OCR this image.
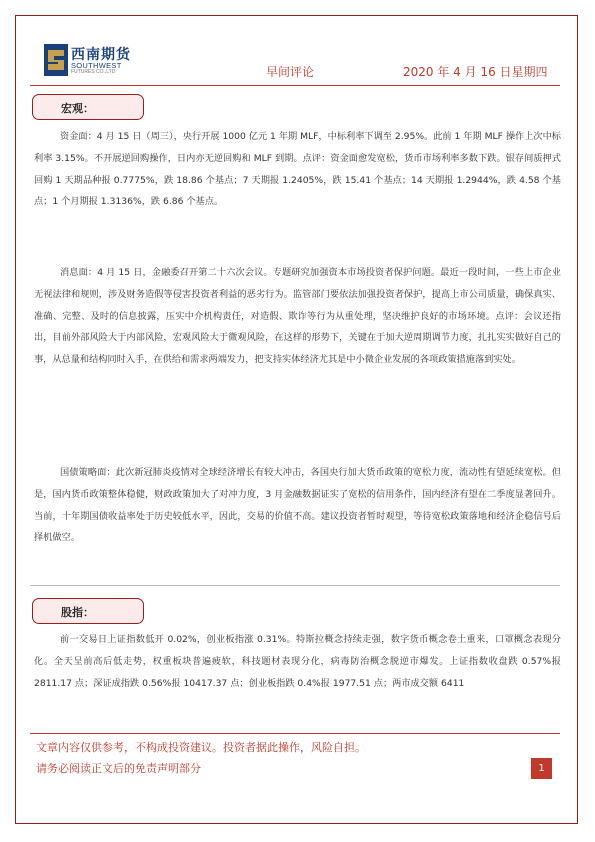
西南期货
SOUTHWEST
FUTURES CO.,LTD	早间评论	2020 年 4 月 16 日星期四
宏观：

资金面：4 月 15 日（周三），央行开展 1000 亿元 1 年期 MLF，中标利率下调至 2.95%。此前 1 年期 MLF 操作上次中标利率 3.15%。不开展逆回购操作，日内亦无逆回购和 MLF 到期。点评：资金面愈发宽松，货币市场利率多数下跌。银存间质押式回购 1 天期品种报 0.7775%，跌 18.86 个基点；7 天期报 1.2405%，跌 15.41 个基点；14 天期报 1.2944%，跌 4.58 个基点；1 个月期报 1.3136%，跌 6.86 个基点。

消息面：4 月 15 日，金融委召开第二十六次会议。专题研究加强资本市场投资者保护问题。最近一段时间，一些上市企业无视法律和规则，涉及财务造假等侵害投资者利益的恶劣行为。监管部门要依法加强投资者保护，提高上市公司质量，确保真实、准确、完整、及时的信息披露，压实中介机构责任，对造假、欺诈等行为从重处理，坚决维护良好的市场环境。点评：会议还指出，目前外部风险大于内部风险，宏观风险大于微观风险，在这样的形势下，关键在于加大逆周期调节力度，扎扎实实做好自己的事，从总量和结构同时入手，在供给和需求两端发力，把支持实体经济尤其是中小微企业发展的各项政策措施落到实处。

国债策略面：此次新冠肺炎疫情对全球经济增长有较大冲击，各国央行加大货币政策的宽松力度，流动性有望延续宽松。但是，国内货币政策整体稳健，财政政策加大了对冲力度，3 月金融数据证实了宽松的信用条件，国内经济有望在二季度显著回升。当前，十年期国债收益率处于历史较低水平，因此，交易的价值不高。建议投资者暂时观望，等待宽松政策落地和经济企稳信号后择机做空。

股指：

前一交易日上证指数低开 0.02%，创业板指涨 0.31%。特斯拉概念持续走强，数字货币概念卷土重来，口罩概念表现分化。全天呈前高后低走势，权重板块普遍疲软，科技题材表现分化，病毒防治概念脱逆市爆发。上证指数收盘跌 0.57%报 2811.17 点；深证成指跌 0.56%报 10417.37 点；创业板指跌 0.4%报 1977.51 点；两市成交额 6411

文章内容仅供参考，不构成投资建议。投资者据此操作，风险自担。
请务必阅读正文后的免责声明部分	1
